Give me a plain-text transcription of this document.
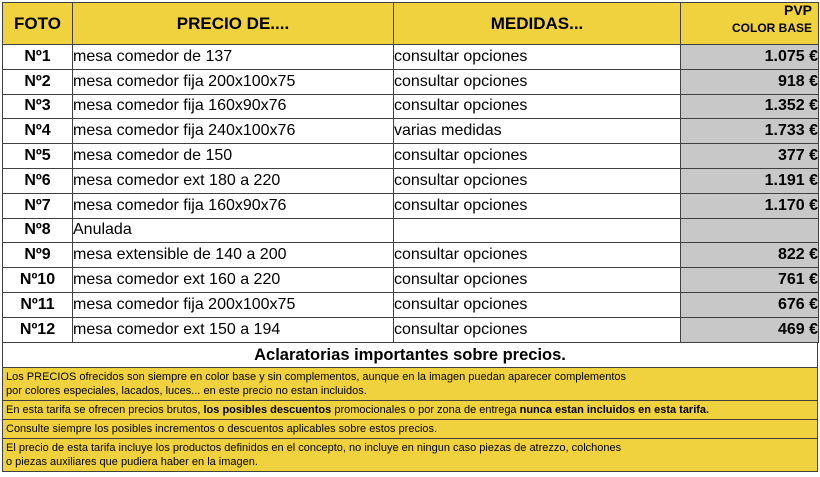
FOTO	PRECIO DE....	MEDIDAS...	PVP
COLOR BASE

Nº1	mesa comedor de 137	consultar opciones	1.075 €
Nº2	mesa comedor fija 200x100x75	consultar opciones	918 €
Nº3	mesa comedor fija 160x90x76	consultar opciones	1.352 €
Nº4	mesa comedor fija 240x100x76	varias medidas	1.733 €
Nº5	mesa comedor de 150	consultar opciones	377 €
Nº6	mesa comedor ext 180 a 220	consultar opciones	1.191 €
Nº7	mesa comedor fija 160x90x76	consultar opciones	1.170 €
Nº8	Anulada		
Nº9	mesa extensible de 140 a 200	consultar opciones	822 €
Nº10	mesa comedor ext 160 a 220	consultar opciones	761 €
Nº11	mesa comedor fija 200x100x75	consultar opciones	676 €
Nº12	mesa comedor ext 150 a 194	consultar opciones	469 €
Aclaratorias importantes sobre precios.
Los PRECIOS ofrecidos son siempre en color base y sin complementos, aunque en la imagen puedan aparecer complementos
por colores especiales, lacados, luces... en este precio no estan incluidos.
En esta tarifa se ofrecen precios brutos, los posibles descuentos promocionales o por zona de entrega nunca estan incluidos en esta tarifa.
Consulte siempre los posibles incrementos o descuentos aplicables sobre estos precios.
El precio de esta tarifa incluye los productos definidos en el concepto, no incluye en ningun caso piezas de atrezzo, colchones
o piezas auxiliares que pudiera haber en la imagen.
